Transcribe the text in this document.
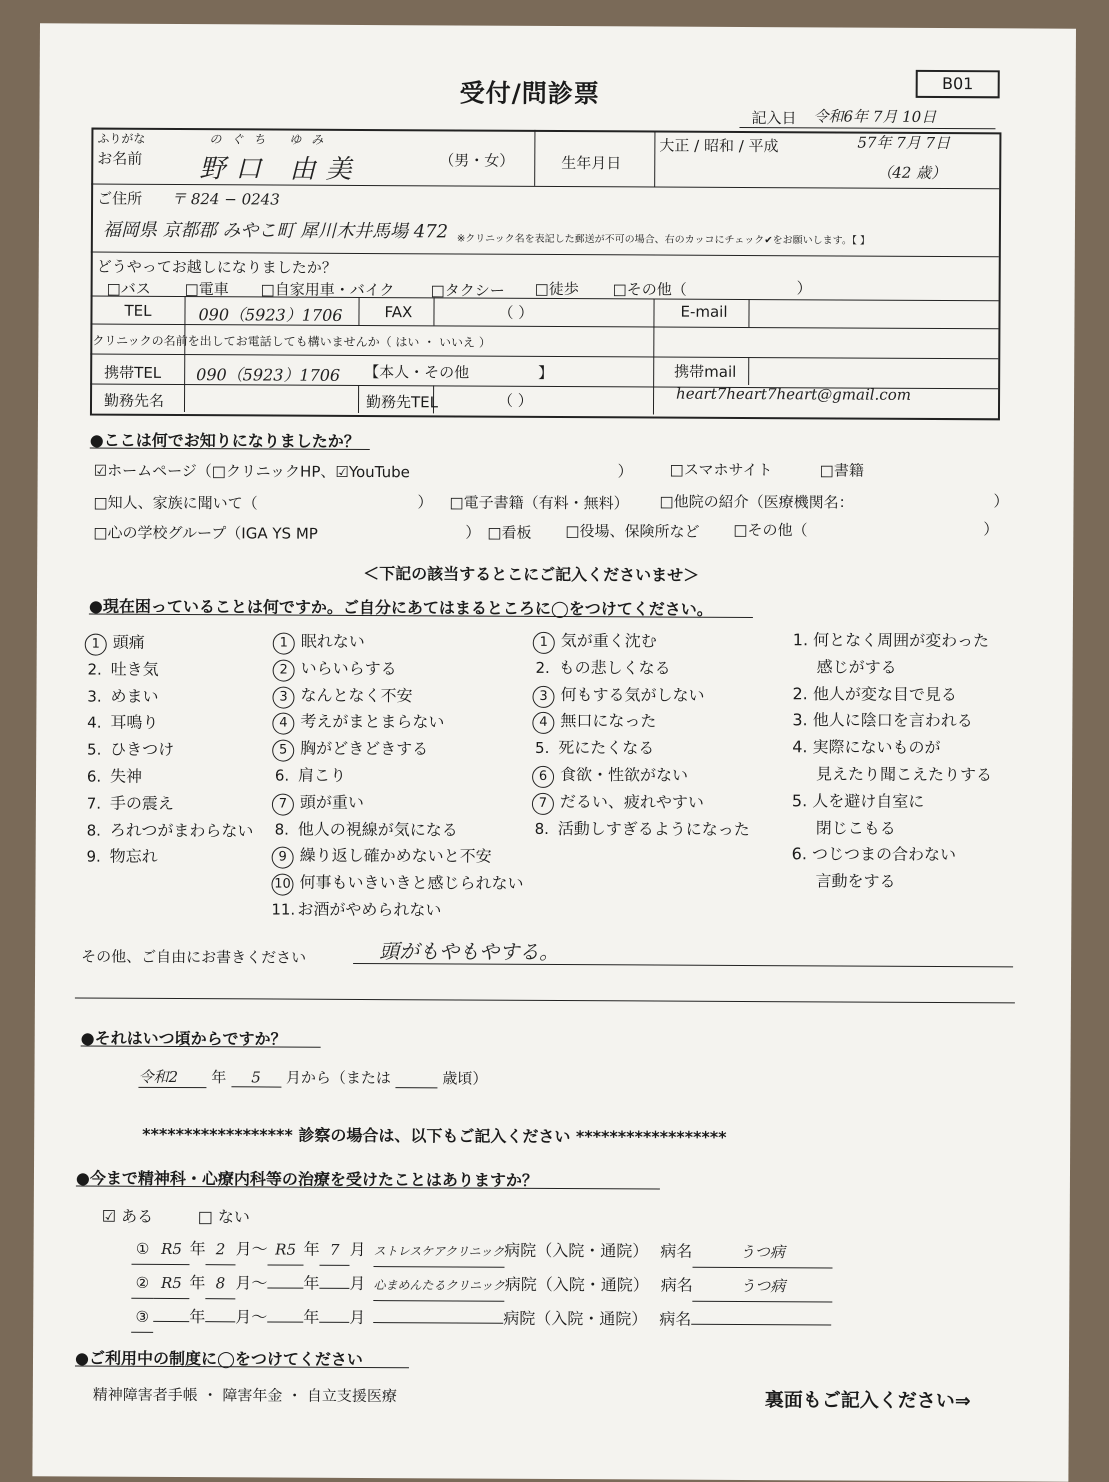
受付/問診票	B01
記入日 令和6年 7月 10日
ふりがな	のぐち ゆみ
お名前 野口 由美	（男・女）	生年月日
大正 / 昭和 / 平成	57年 7月 7日
（42 歳）
ご住所 〒 824 − 0243
福岡県 京都郡 みやこ町 犀川木井馬場 472 ※クリニック名を表記した郵送が不可の場合、右のカッコにチェック✔をお願いします。【 】
どうやってお越しになりましたか？
□バス □電車 □自家用車・バイク □タクシー □徒歩 □その他（	）
TEL	090（5923）1706	FAX	（ ）	E-mail
クリニックの名前を出してお電話しても構いませんか（ はい ・ いいえ ）
携帯TEL 090（5923）1706 【本人・その他	】	携帯mail
heart7heart7heart@gmail.com
勤務先名	勤務先TEL	（ ）
●ここは何でお知りになりましたか？
☑ホームページ（□クリニックHP、☑YouTube	） □スマホサイト	□書籍
□知人、家族に聞いて（	） □電子書籍（有料・無料） □他院の紹介（医療機関名：	）
□心の学校グループ（IGA YS MP	） □看板 □役場、保険所など □その他（	）
＜下記の該当するとこにご記入くださいませ＞
●現在困っていることは何ですか。ご自分にあてはまるところに◯をつけてください。
1 頭痛
2. 吐き気
3. めまい
4. 耳鳴り
5. ひきつけ
6. 失神
7. 手の震え
8. ろれつがまわらない
9. 物忘れ
1 眠れない
2 いらいらする
3 なんとなく不安
4 考えがまとまらない
5 胸がどきどきする
6. 肩こり
7 頭が重い
8. 他人の視線が気になる
9 繰り返し確かめないと不安
10 何事もいきいきと感じられない
11. お酒がやめられない
1 気が重く沈む
2. もの悲しくなる
3 何もする気がしない
4 無口になった
5. 死にたくなる
6 食欲・性欲がない
7 だるい、疲れやすい
8. 活動しすぎるようになった
1. 何となく周囲が変わった
感じがする
2. 他人が変な目で見る
3. 他人に陰口を言われる
4. 実際にないものが
見えたり聞こえたりする
5. 人を避け自室に
閉じこもる
6. つじつまの合わない
言動をする
その他、ご自由にお書きください	頭がもやもやする。
●それはいつ頃からですか？
令和2 年 5 月から（または	歳頃）
****************** 診察の場合は、以下もご記入ください ******************
●今まで精神科・心療内科等の治療を受けたことはありますか？
☑ ある	□ ない
① R5 年 2 月〜 R5 年 7 月 ストレスケアクリニック病院（入院・通院） 病名	うつ病
② R5 年 8 月〜 年 月 心まめんたるクリニック病院（入院・通院） 病名	うつ病
③	年 月〜 年 月	病院（入院・通院） 病名
●ご利用中の制度に◯をつけてください
精神障害者手帳 ・ 障害年金 ・ 自立支援医療	裏面もご記入ください⇒
